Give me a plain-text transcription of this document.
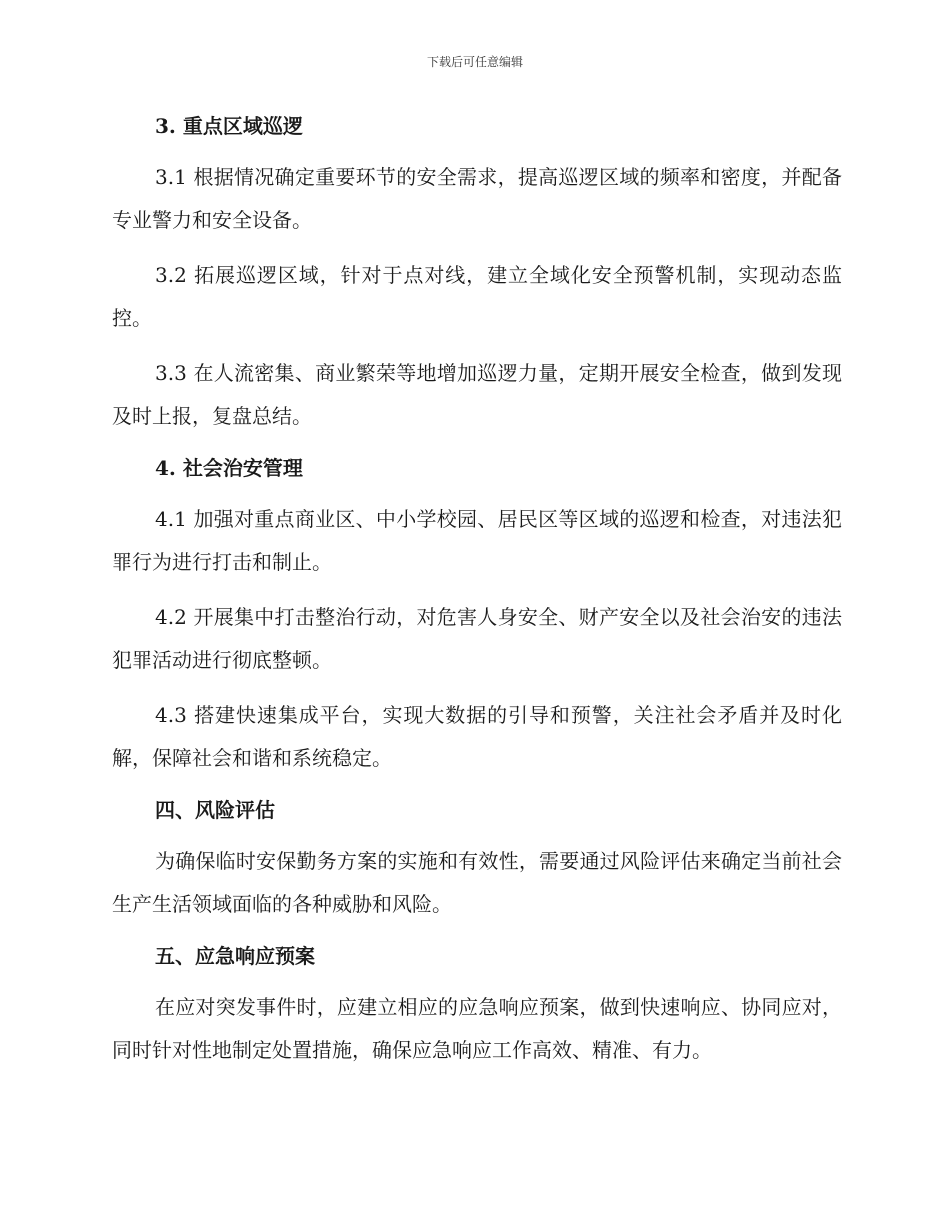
下载后可任意编辑
3. 重点区域巡逻
3.1 根据情况确定重要环节的安全需求，提高巡逻区域的频率和密度，并配备专业警力和安全设备。
3.2 拓展巡逻区域，针对于点对线，建立全域化安全预警机制，实现动态监控。
3.3 在人流密集、商业繁荣等地增加巡逻力量，定期开展安全检查，做到发现及时上报，复盘总结。
4. 社会治安管理
4.1 加强对重点商业区、中小学校园、居民区等区域的巡逻和检查，对违法犯罪行为进行打击和制止。
4.2 开展集中打击整治行动，对危害人身安全、财产安全以及社会治安的违法犯罪活动进行彻底整顿。
4.3 搭建快速集成平台，实现大数据的引导和预警，关注社会矛盾并及时化解，保障社会和谐和系统稳定。
四、风险评估
为确保临时安保勤务方案的实施和有效性，需要通过风险评估来确定当前社会生产生活领域面临的各种威胁和风险。
五、应急响应预案
在应对突发事件时，应建立相应的应急响应预案，做到快速响应、协同应对，同时针对性地制定处置措施，确保应急响应工作高效、精准、有力。
